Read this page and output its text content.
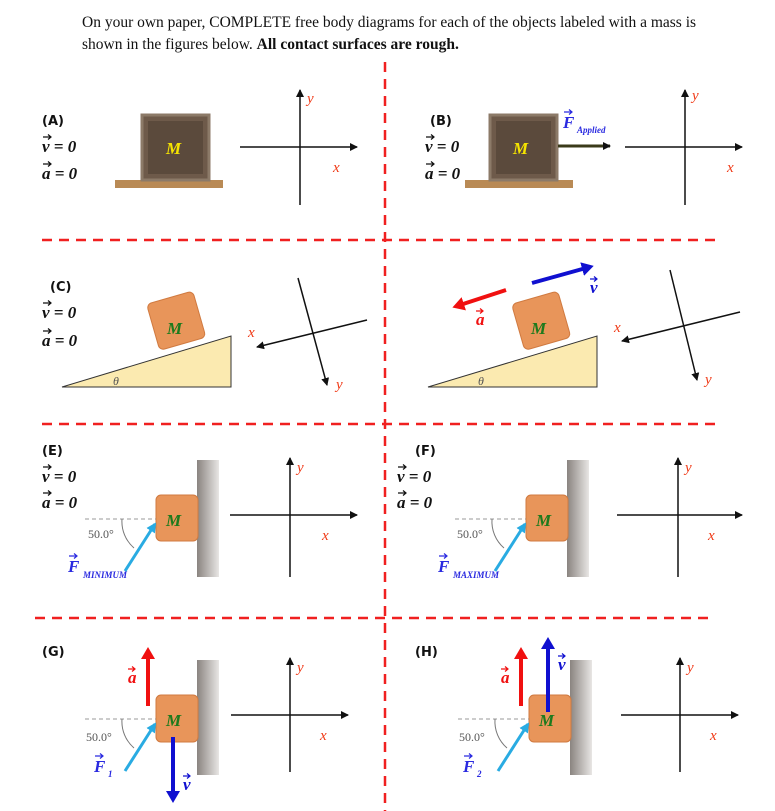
On your own paper, COMPLETE free body diagrams for each of the objects labeled with a mass is shown in the figures below. All contact surfaces are rough.
(A)
v = 0
a = 0
M
y
x
(B)
v = 0
a = 0
M
F Applied
y
x
(C)
v = 0
a = 0
θ
M	x
y	θ
M
a
v
x
y
(E)
v = 0
a = 0
M
50.0°
F MINIMUM
y
x
(F)
v = 0
a = 0
M
50.0°
F MAXIMUM
y
x
(G)
M
a
v
50.0°
F 1
y
x
(H)
M
a
v
50.0°
F 2
y
x
